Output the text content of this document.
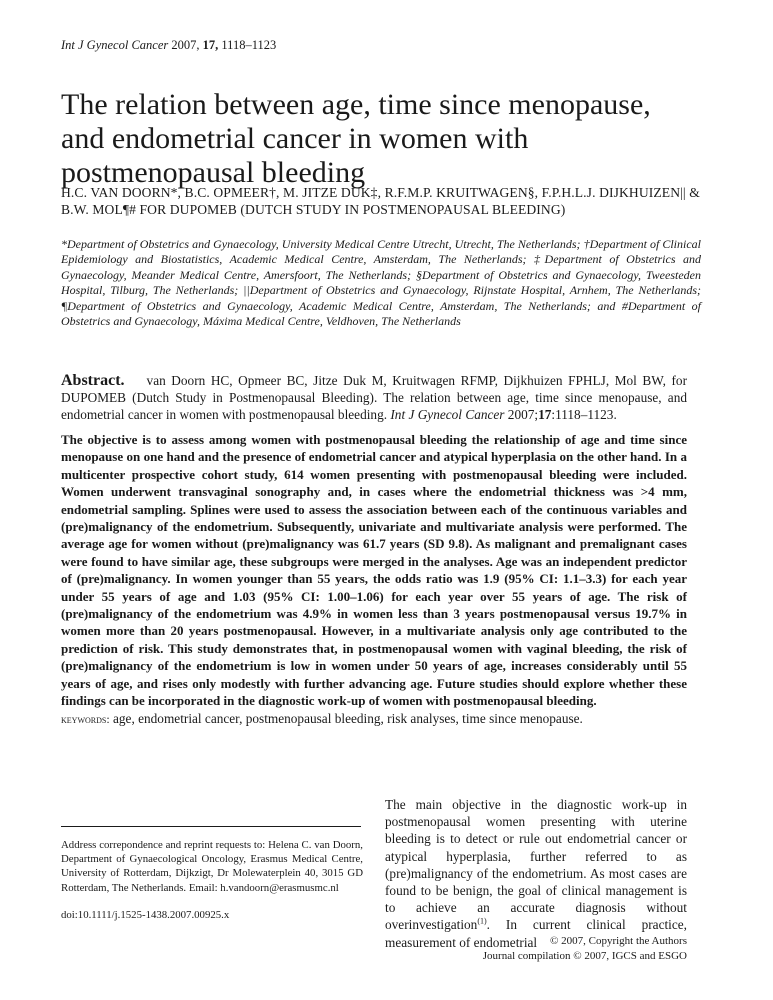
Int J Gynecol Cancer 2007, 17, 1118–1123
The relation between age, time since menopause, and endometrial cancer in women with postmenopausal bleeding
H.C. VAN DOORN*, B.C. OPMEER†, M. JITZE DUK‡, R.F.M.P. KRUITWAGEN§, F.P.H.L.J. DIJKHUIZEN|| & B.W. MOL¶# FOR DUPOMEB (DUTCH STUDY IN POSTMENOPAUSAL BLEEDING)
*Department of Obstetrics and Gynaecology, University Medical Centre Utrecht, Utrecht, The Netherlands; †Department of Clinical Epidemiology and Biostatistics, Academic Medical Centre, Amsterdam, The Netherlands; ‡Department of Obstetrics and Gynaecology, Meander Medical Centre, Amersfoort, The Netherlands; §Department of Obstetrics and Gynaecology, Tweesteden Hospital, Tilburg, The Netherlands; ||Department of Obstetrics and Gynaecology, Rijnstate Hospital, Arnhem, The Netherlands; ¶Department of Obstetrics and Gynaecology, Academic Medical Centre, Amsterdam, The Netherlands; and #Department of Obstetrics and Gynaecology, Máxima Medical Centre, Veldhoven, The Netherlands
Abstract. van Doorn HC, Opmeer BC, Jitze Duk M, Kruitwagen RFMP, Dijkhuizen FPHLJ, Mol BW, for DUPOMEB (Dutch Study in Postmenopausal Bleeding). The relation between age, time since menopause, and endometrial cancer in women with postmenopausal bleeding. Int J Gynecol Cancer 2007;17:1118–1123.
The objective is to assess among women with postmenopausal bleeding the relationship of age and time since menopause on one hand and the presence of endometrial cancer and atypical hyperplasia on the other hand. In a multicenter prospective cohort study, 614 women presenting with postmenopausal bleeding were included. Women underwent transvaginal sonography and, in cases where the endometrial thickness was >4 mm, endometrial sampling. Splines were used to assess the association between each of the continuous variables and (pre)malignancy of the endometrium. Subsequently, univariate and multivariate analysis were performed. The average age for women without (pre)malignancy was 61.7 years (SD 9.8). As malignant and premalignant cases were found to have similar age, these subgroups were merged in the analyses. Age was an independent predictor of (pre)malignancy. In women younger than 55 years, the odds ratio was 1.9 (95% CI: 1.1–3.3) for each year under 55 years of age and 1.03 (95% CI: 1.00–1.06) for each year over 55 years of age. The risk of (pre)malignancy of the endometrium was 4.9% in women less than 3 years postmenopausal versus 19.7% in women more than 20 years postmenopausal. However, in a multivariate analysis only age contributed to the prediction of risk. This study demonstrates that, in postmenopausal women with vaginal bleeding, the risk of (pre)malignancy of the endometrium is low in women under 50 years of age, increases considerably until 55 years of age, and rises only modestly with further advancing age. Future studies should explore whether these findings can be incorporated in the diagnostic work-up of women with postmenopausal bleeding.
keywords: age, endometrial cancer, postmenopausal bleeding, risk analyses, time since menopause.
The main objective in the diagnostic work-up in postmenopausal women presenting with uterine bleeding is to detect or rule out endometrial cancer or atypical hyperplasia, further referred to as (pre)malignancy of the endometrium. As most cases are found to be benign, the goal of clinical management is to achieve an accurate diagnosis without overinvestigation$^{(1)}$. In current clinical practice, measurement of endometrial
Address correpondence and reprint requests to: Helena C. van Doorn, Department of Gynaecological Oncology, Erasmus Medical Centre, University of Rotterdam, Dijkzigt, Dr Molewaterplein 40, 3015 GD Rotterdam, The Netherlands. Email: h.vandoorn@erasmusmc.nl
doi:10.1111/j.1525-1438.2007.00925.x
© 2007, Copyright the Authors
Journal compilation © 2007, IGCS and ESGO
